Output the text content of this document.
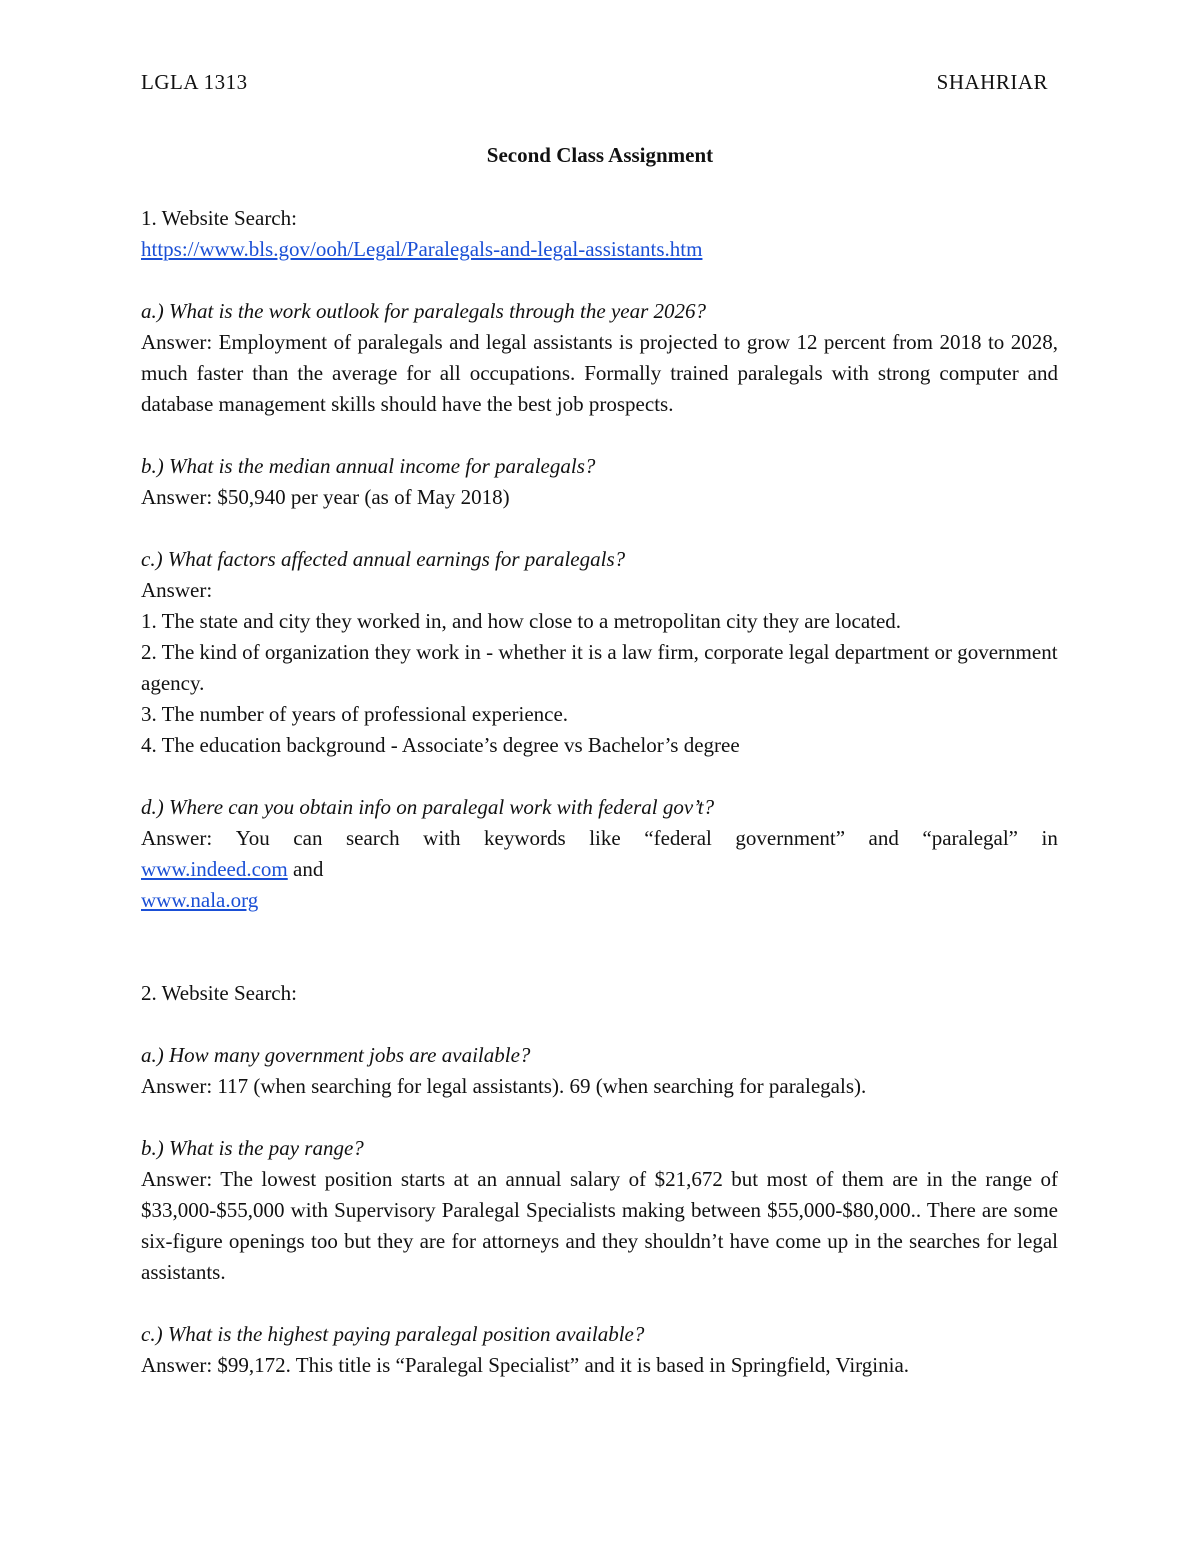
LGLA 1313	SHAHRIAR
Second Class Assignment
1. Website Search:
https://www.bls.gov/ooh/Legal/Paralegals-and-legal-assistants.htm
a.) What is the work outlook for paralegals through the year 2026?
Answer: Employment of paralegals and legal assistants is projected to grow 12 percent from 2018 to 2028, much faster than the average for all occupations. Formally trained paralegals with strong computer and database management skills should have the best job prospects.
b.) What is the median annual income for paralegals?
Answer: $50,940 per year (as of May 2018)
c.) What factors affected annual earnings for paralegals?
Answer:
1. The state and city they worked in, and how close to a metropolitan city they are located.
2. The kind of organization they work in - whether it is a law firm, corporate legal department or government agency.
3. The number of years of professional experience.
4. The education background - Associate’s degree vs Bachelor’s degree
d.) Where can you obtain info on paralegal work with federal gov’t?
Answer: You can search with keywords like “federal government” and “paralegal” in
www.indeed.com and
www.nala.org
2. Website Search:
a.) How many government jobs are available?
Answer: 117 (when searching for legal assistants). 69 (when searching for paralegals).
b.) What is the pay range?
Answer: The lowest position starts at an annual salary of $21,672 but most of them are in the range of $33,000-$55,000 with Supervisory Paralegal Specialists making between $55,000-$80,000.. There are some six-figure openings too but they are for attorneys and they shouldn’t have come up in the searches for legal assistants.
c.) What is the highest paying paralegal position available?
Answer: $99,172. This title is “Paralegal Specialist” and it is based in Springfield, Virginia.
